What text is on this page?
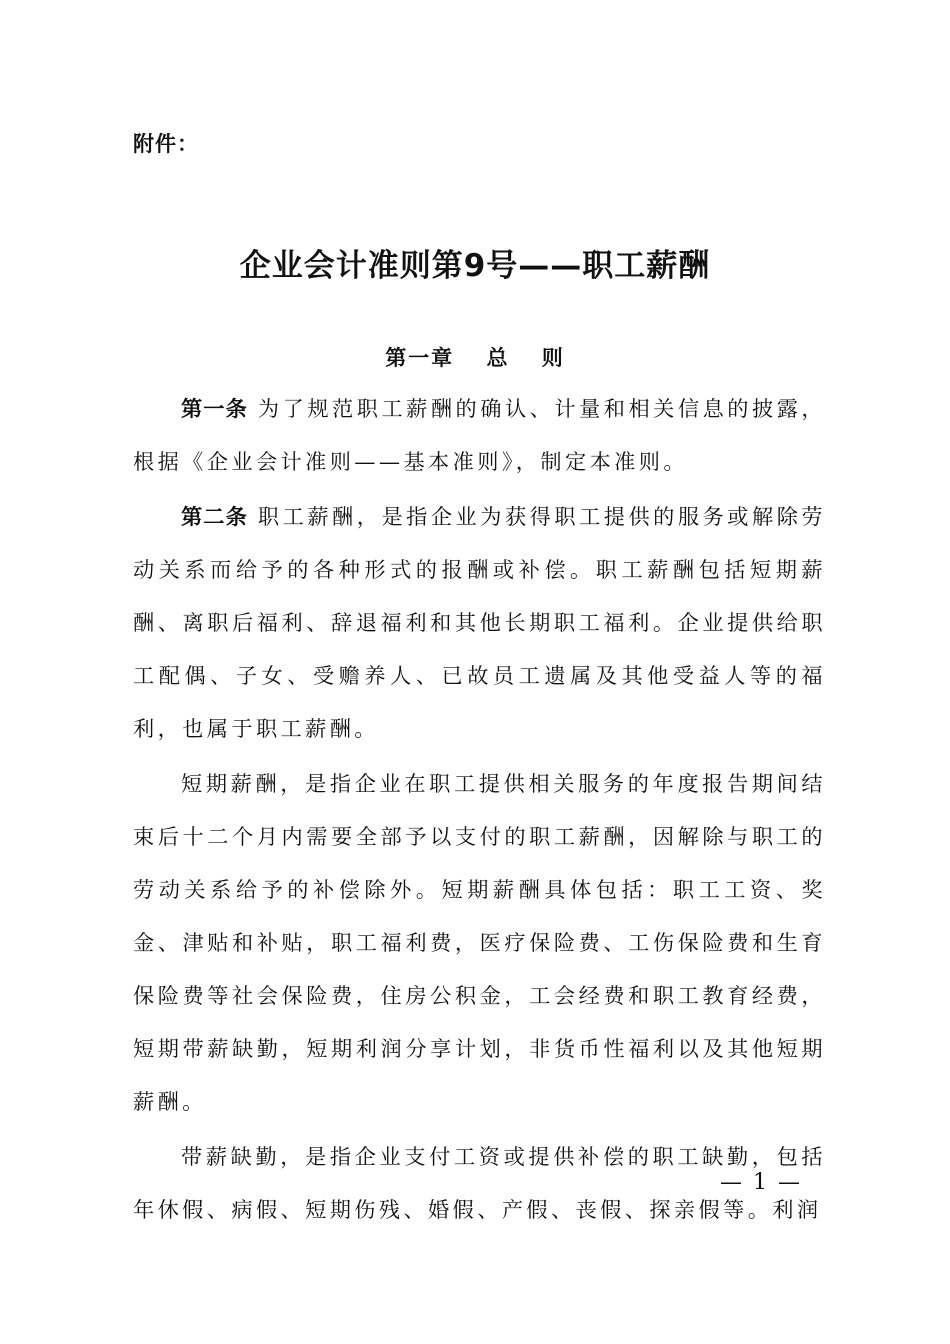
附件：
企业会计准则第9号——职工薪酬
第一章　 总　 则

第一条 为了规范职工薪酬的确认、计量和相关信息的披露，根据《企业会计准则——基本准则》，制定本准则。

第二条 职工薪酬，是指企业为获得职工提供的服务或解除劳动关系而给予的各种形式的报酬或补偿。职工薪酬包括短期薪酬、离职后福利、辞退福利和其他长期职工福利。企业提供给职工配偶、子女、受赡养人、已故员工遗属及其他受益人等的福利，也属于职工薪酬。

短期薪酬，是指企业在职工提供相关服务的年度报告期间结束后十二个月内需要全部予以支付的职工薪酬，因解除与职工的劳动关系给予的补偿除外。短期薪酬具体包括：职工工资、奖金、津贴和补贴，职工福利费，医疗保险费、工伤保险费和生育保险费等社会保险费，住房公积金，工会经费和职工教育经费，短期带薪缺勤，短期利润分享计划，非货币性福利以及其他短期薪酬。

带薪缺勤，是指企业支付工资或提供补偿的职工缺勤，包括年休假、病假、短期伤残、婚假、产假、丧假、探亲假等。利润

— 1 —
